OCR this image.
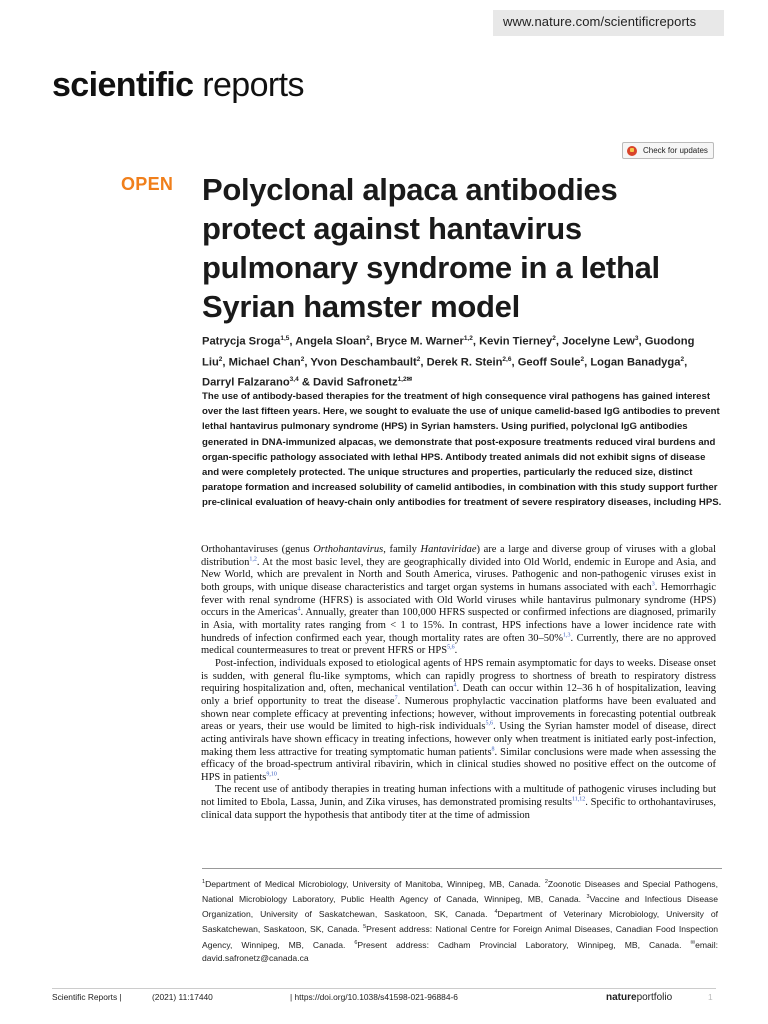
www.nature.com/scientificreports
scientific reports
Check for updates
OPEN Polyclonal alpaca antibodies protect against hantavirus pulmonary syndrome in a lethal Syrian hamster model

Patrycja Sroga$^{1,5}$, Angela Sloan$^2$, Bryce M. Warner$^{1,2}$, Kevin Tierney$^2$, Jocelyne Lew$^3$, Guodong Liu$^2$, Michael Chan$^2$, Yvon Deschambault$^2$, Derek R. Stein$^{2,6}$, Geoff Soule$^2$, Logan Banadyga$^2$, Darryl Falzarano$^{3,4}$ & David Safronetz$^{1,2✉}$

The use of antibody-based therapies for the treatment of high consequence viral pathogens has gained interest over the last fifteen years. Here, we sought to evaluate the use of unique camelid-based IgG antibodies to prevent lethal hantavirus pulmonary syndrome (HPS) in Syrian hamsters. Using purified, polyclonal IgG antibodies generated in DNA-immunized alpacas, we demonstrate that post-exposure treatments reduced viral burdens and organ-specific pathology associated with lethal HPS. Antibody treated animals did not exhibit signs of disease and were completely protected. The unique structures and properties, particularly the reduced size, distinct paratope formation and increased solubility of camelid antibodies, in combination with this study support further pre-clinical evaluation of heavy-chain only antibodies for treatment of severe respiratory diseases, including HPS.

Orthohantaviruses (genus Orthohantavirus, family Hantaviridae) are a large and diverse group of viruses with a global distribution$^{1,2}$. At the most basic level, they are geographically divided into Old World, endemic in Europe and Asia, and New World, which are prevalent in North and South America, viruses. Pathogenic and non-pathogenic viruses exist in both groups, with unique disease characteristics and target organ systems in humans associated with each$^3$. Hemorrhagic fever with renal syndrome (HFRS) is associated with Old World viruses while hantavirus pulmonary syndrome (HPS) occurs in the Americas$^4$. Annually, greater than 100,000 HFRS suspected or confirmed infections are diagnosed, primarily in Asia, with mortality rates ranging from < 1 to 15%. In contrast, HPS infections have a lower incidence rate with hundreds of infection confirmed each year, though mortality rates are often 30–50%$^{1,3}$. Currently, there are no approved medical countermeasures to treat or prevent HFRS or HPS$^{5,6}$.

Post-infection, individuals exposed to etiological agents of HPS remain asymptomatic for days to weeks. Disease onset is sudden, with general flu-like symptoms, which can rapidly progress to shortness of breath to respiratory distress requiring hospitalization and, often, mechanical ventilation$^4$. Death can occur within 12–36 h of hospitalization, leaving only a brief opportunity to treat the disease$^7$. Numerous prophylactic vaccination platforms have been evaluated and shown near complete efficacy at preventing infections; however, without improvements in forecasting potential outbreak areas or years, their use would be limited to high-risk individuals$^{5,6}$. Using the Syrian hamster model of disease, direct acting antivirals have shown efficacy in treating infections, however only when treatment is initiated early post-infection, making them less attractive for treating symptomatic human patients$^8$. Similar conclusions were made when assessing the efficacy of the broad-spectrum antiviral ribavirin, which in clinical studies showed no positive effect on the outcome of HPS in patients$^{9,10}$.

The recent use of antibody therapies in treating human infections with a multitude of pathogenic viruses including but not limited to Ebola, Lassa, Junin, and Zika viruses, has demonstrated promising results$^{11,12}$. Specific to orthohantaviruses, clinical data support the hypothesis that antibody titer at the time of admission

$^1$Department of Medical Microbiology, University of Manitoba, Winnipeg, MB, Canada. $^2$Zoonotic Diseases and Special Pathogens, National Microbiology Laboratory, Public Health Agency of Canada, Winnipeg, MB, Canada. $^3$Vaccine and Infectious Disease Organization, University of Saskatchewan, Saskatoon, SK, Canada. $^4$Department of Veterinary Microbiology, University of Saskatchewan, Saskatoon, SK, Canada. $^5$Present address: National Centre for Foreign Animal Diseases, Canadian Food Inspection Agency, Winnipeg, MB, Canada. $^6$Present address: Cadham Provincial Laboratory, Winnipeg, MB, Canada. ✉email: david.safronetz@canada.ca

Scientific Reports |	(2021) 11:17440	| https://doi.org/10.1038/s41598-021-96884-6	natureportfolio	1
